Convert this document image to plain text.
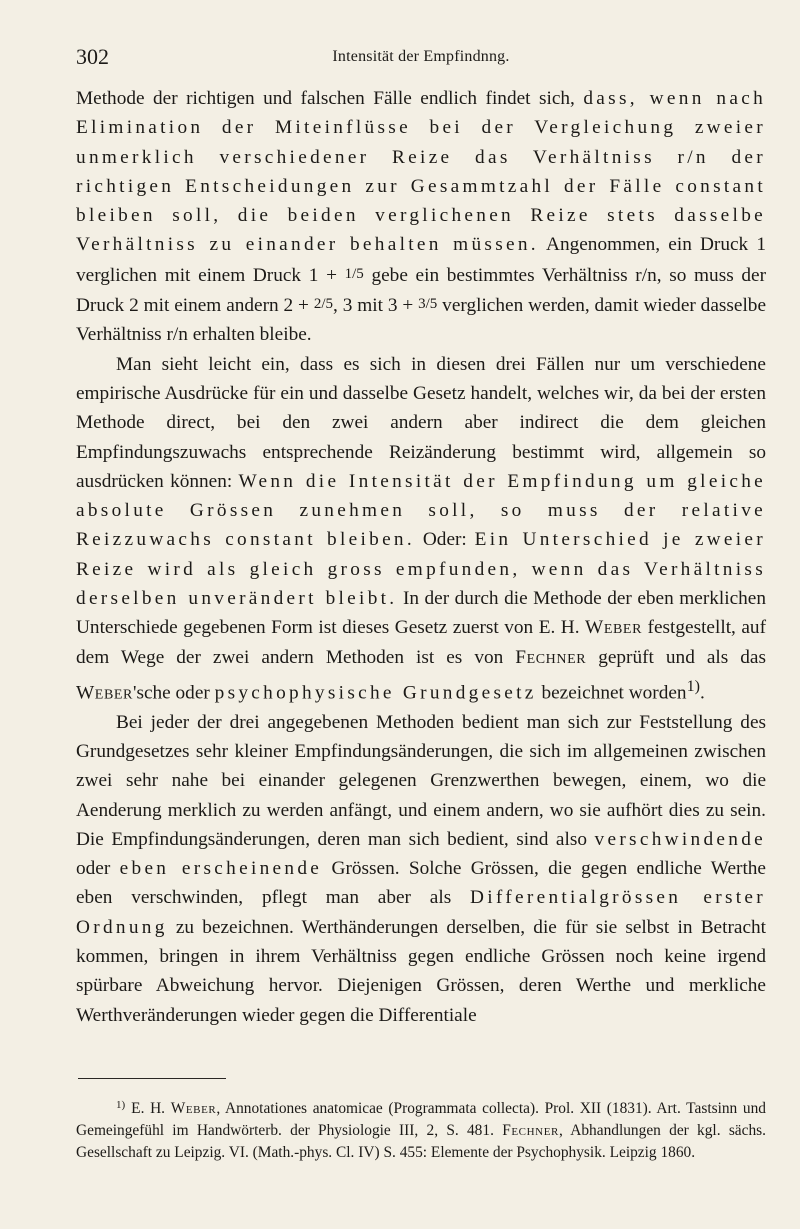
302	Intensität der Empfindnng.
Methode der richtigen und falschen Fälle endlich findet sich, dass, wenn nach Elimination der Miteinflüsse bei der Vergleichung zweier unmerklich verschiedener Reize das Verhältniss r/n der richtigen Entscheidungen zur Gesammtzahl der Fälle constant bleiben soll, die beiden verglichenen Reize stets dasselbe Verhältniss zu einander behalten müssen. Angenommen, ein Druck 1 verglichen mit einem Druck 1 + 1/5 gebe ein bestimmtes Verhältniss r/n, so muss der Druck 2 mit einem andern 2 + 2/5, 3 mit 3 + 3/5 verglichen werden, damit wieder dasselbe Verhältniss r/n erhalten bleibe.
Man sieht leicht ein, dass es sich in diesen drei Fällen nur um verschiedene empirische Ausdrücke für ein und dasselbe Gesetz handelt, welches wir, da bei der ersten Methode direct, bei den zwei andern aber indirect die dem gleichen Empfindungszuwachs entsprechende Reizänderung bestimmt wird, allgemein so ausdrücken können: Wenn die Intensität der Empfindung um gleiche absolute Grössen zunehmen soll, so muss der relative Reizzuwachs constant bleiben. Oder: Ein Unterschied je zweier Reize wird als gleich gross empfunden, wenn das Verhältniss derselben unverändert bleibt. In der durch die Methode der eben merklichen Unterschiede gegebenen Form ist dieses Gesetz zuerst von E. H. Weber festgestellt, auf dem Wege der zwei andern Methoden ist es von Fechner geprüft und als das Weber'sche oder psychophysische Grundgesetz bezeichnet worden$^{1)}$.
Bei jeder der drei angegebenen Methoden bedient man sich zur Feststellung des Grundgesetzes sehr kleiner Empfindungsänderungen, die sich im allgemeinen zwischen zwei sehr nahe bei einander gelegenen Grenzwerthen bewegen, einem, wo die Aenderung merklich zu werden anfängt, und einem andern, wo sie aufhört dies zu sein. Die Empfindungsänderungen, deren man sich bedient, sind also verschwindende oder eben erscheinende Grössen. Solche Grössen, die gegen endliche Werthe eben verschwinden, pflegt man aber als Differentialgrössen erster Ordnung zu bezeichnen. Werthänderungen derselben, die für sie selbst in Betracht kommen, bringen in ihrem Verhältniss gegen endliche Grössen noch keine irgend spürbare Abweichung hervor. Diejenigen Grössen, deren Werthe und merkliche Werthveränderungen wieder gegen die Differentiale
$^{1)}$ E. H. Weber, Annotationes anatomicae (Programmata collecta). Prol. XII (1831). Art. Tastsinn und Gemeingefühl im Handwörterb. der Physiologie III, 2, S. 481. Fechner, Abhandlungen der kgl. sächs. Gesellschaft zu Leipzig. VI. (Math.-phys. Cl. IV) S. 455: Elemente der Psychophysik. Leipzig 1860.
